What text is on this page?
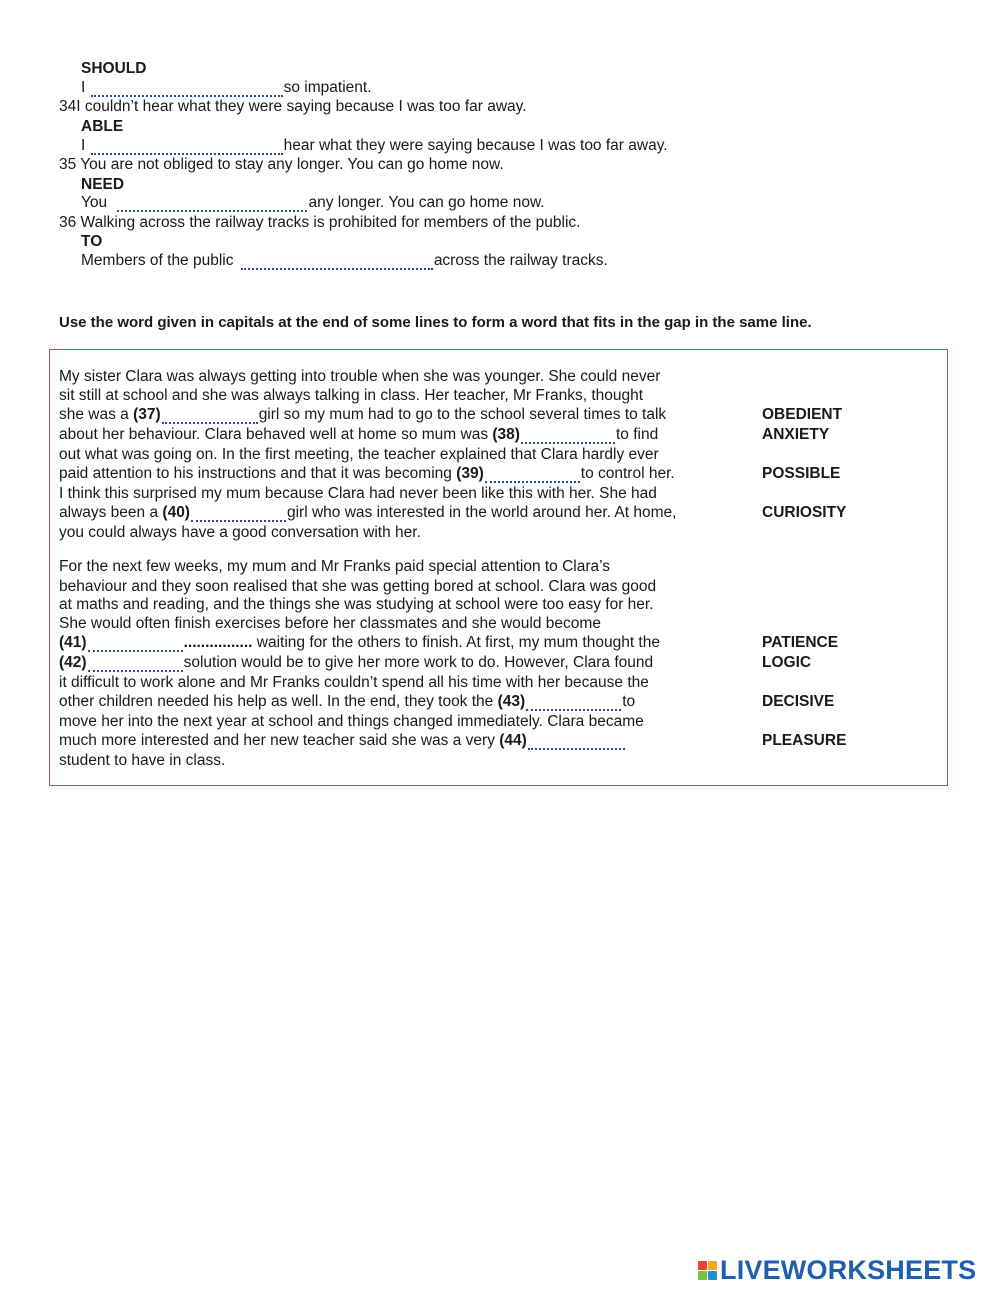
SHOULD
I	so impatient.
34I couldn’t hear what they were saying because I was too far away.
ABLE
I	hear what they were saying because I was too far away.
35 You are not obliged to stay any longer. You can go home now.
NEED
You	any longer. You can go home now.
36 Walking across the railway tracks is prohibited for members of the public.
TO
Members of the public	across the railway tracks.
Use the word given in capitals at the end of some lines to form a word that fits in the gap in the same line.
My sister Clara was always getting into trouble when she was younger. She could never
sit still at school and she was always talking in class. Her teacher, Mr Franks, thought
she was a (37)	girl so my mum had to go to the school several times to talk
about her behaviour. Clara behaved well at home so mum was (38)	to find
out what was going on. In the first meeting, the teacher explained that Clara hardly ever
paid attention to his instructions and that it was becoming (39)	to control her.
I think this surprised my mum because Clara had never been like this with her. She had
always been a (40)	girl who was interested in the world around her. At home,
you could always have a good conversation with her.
For the next few weeks, my mum and Mr Franks paid special attention to Clara’s
behaviour and they soon realised that she was getting bored at school. Clara was good
at maths and reading, and the things she was studying at school were too easy for her.
She would often finish exercises before her classmates and she would become
(41)	................ waiting for the others to finish. At first, my mum thought the
(42)	solution would be to give her more work to do. However, Clara found
it difficult to work alone and Mr Franks couldn’t spend all his time with her because the
other children needed his help as well. In the end, they took the (43)	to
move her into the next year at school and things changed immediately. Clara became
much more interested and her new teacher said she was a very (44)
student to have in class.
OBEDIENT
ANXIETY
POSSIBLE
CURIOSITY
PATIENCE
LOGIC
DECISIVE
PLEASURE
LIVEWORKSHEETS
